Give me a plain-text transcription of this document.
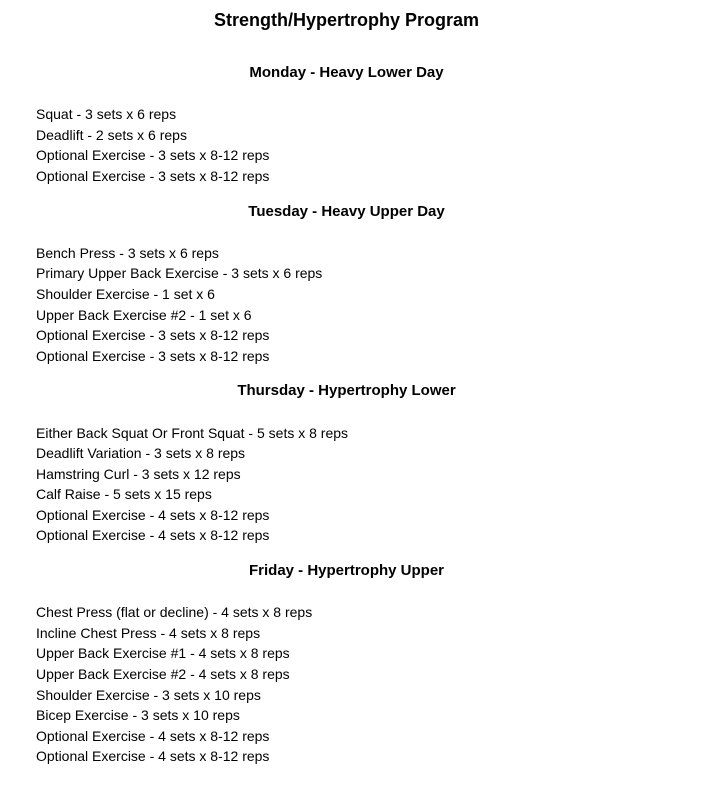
Strength/Hypertrophy Program
Monday - Heavy Lower Day

Squat - 3 sets x 6 reps

Deadlift - 2 sets x 6 reps

Optional Exercise - 3 sets x 8-12 reps

Optional Exercise - 3 sets x 8-12 reps

Tuesday - Heavy Upper Day

Bench Press - 3 sets x 6 reps

Primary Upper Back Exercise - 3 sets x 6 reps

Shoulder Exercise - 1 set x 6

Upper Back Exercise #2 - 1 set x 6

Optional Exercise - 3 sets x 8-12 reps

Optional Exercise - 3 sets x 8-12 reps

Thursday - Hypertrophy Lower

Either Back Squat Or Front Squat - 5 sets x 8 reps

Deadlift Variation - 3 sets x 8 reps

Hamstring Curl - 3 sets x 12 reps

Calf Raise - 5 sets x 15 reps

Optional Exercise - 4 sets x 8-12 reps

Optional Exercise - 4 sets x 8-12 reps

Friday - Hypertrophy Upper

Chest Press (flat or decline) - 4 sets x 8 reps

Incline Chest Press - 4 sets x 8 reps

Upper Back Exercise #1 - 4 sets x 8 reps

Upper Back Exercise #2 - 4 sets x 8 reps

Shoulder Exercise - 3 sets x 10 reps

Bicep Exercise - 3 sets x 10 reps

Optional Exercise - 4 sets x 8-12 reps

Optional Exercise - 4 sets x 8-12 reps
